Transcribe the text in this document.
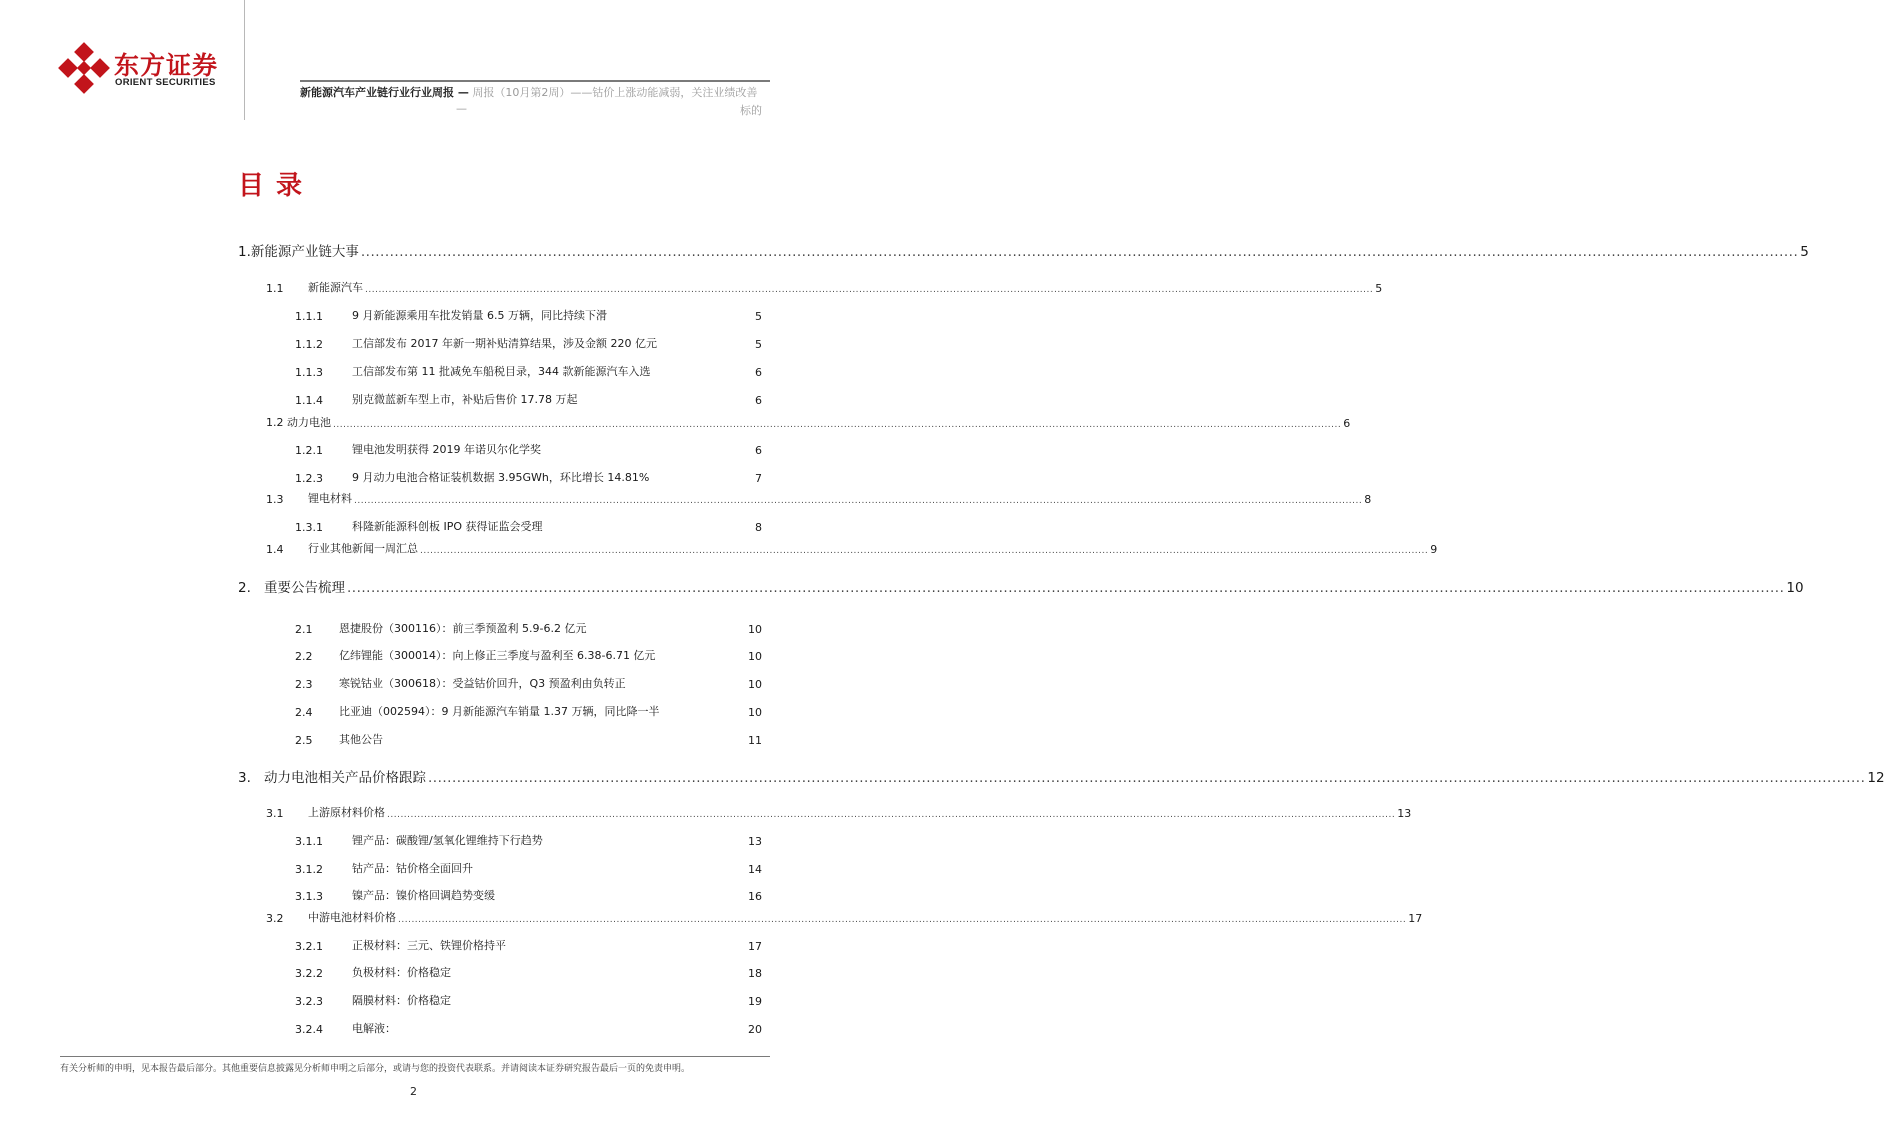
东方证券
ORIENT SECURITIES
新能源汽车产业链行业行业周报 — 周报（10月第2周）——钴价上涨动能减弱，关注业绩改善
—	标的
目录
1.新能源产业链大事 ............................................................................................................................................................................................................................................................................................................ 5
1.1	新能源汽车 ............................................................................................................................................................................................................................................................................................................ 5
1.1.1	9 月新能源乘用车批发销量 6.5 万辆，同比持续下滑	5
1.1.2	工信部发布 2017 年新一期补贴清算结果，涉及金额 220 亿元	5
1.1.3	工信部发布第 11 批减免车船税目录，344 款新能源汽车入选	6
1.1.4	别克微蓝新车型上市，补贴后售价 17.78 万起	6
1.2 动力电池 ............................................................................................................................................................................................................................................................................................................ 6
1.2.1	锂电池发明获得 2019 年诺贝尔化学奖	6
1.2.3	9 月动力电池合格证装机数据 3.95GWh，环比增长 14.81%	7
1.3	锂电材料 ............................................................................................................................................................................................................................................................................................................ 8
1.3.1	科隆新能源科创板 IPO 获得证监会受理	8
1.4	行业其他新闻一周汇总 ............................................................................................................................................................................................................................................................................................................ 9
2. 重要公告梳理 ............................................................................................................................................................................................................................................................................................................ 10
2.1	恩捷股份（300116）：前三季预盈利 5.9-6.2 亿元	10
2.2	亿纬锂能（300014）：向上修正三季度与盈利至 6.38-6.71 亿元	10
2.3	寒锐钴业（300618）：受益钴价回升，Q3 预盈利由负转正	10
2.4	比亚迪（002594）：9 月新能源汽车销量 1.37 万辆，同比降一半	10
2.5	其他公告	11
3. 动力电池相关产品价格跟踪 ............................................................................................................................................................................................................................................................................................................ 12
3.1	上游原材料价格 ............................................................................................................................................................................................................................................................................................................ 13
3.1.1	锂产品：碳酸锂/氢氧化锂维持下行趋势	13
3.1.2	钴产品：钴价格全面回升	14
3.1.3	镍产品：镍价格回调趋势变缓	16
3.2	中游电池材料价格 ............................................................................................................................................................................................................................................................................................................ 17
3.2.1	正极材料：三元、铁锂价格持平	17
3.2.2	负极材料：价格稳定	18
3.2.3	隔膜材料：价格稳定	19
3.2.4	电解液：	20
有关分析师的申明，见本报告最后部分。其他重要信息披露见分析师申明之后部分，或请与您的投资代表联系。并请阅读本证券研究报告最后一页的免责申明。
2
